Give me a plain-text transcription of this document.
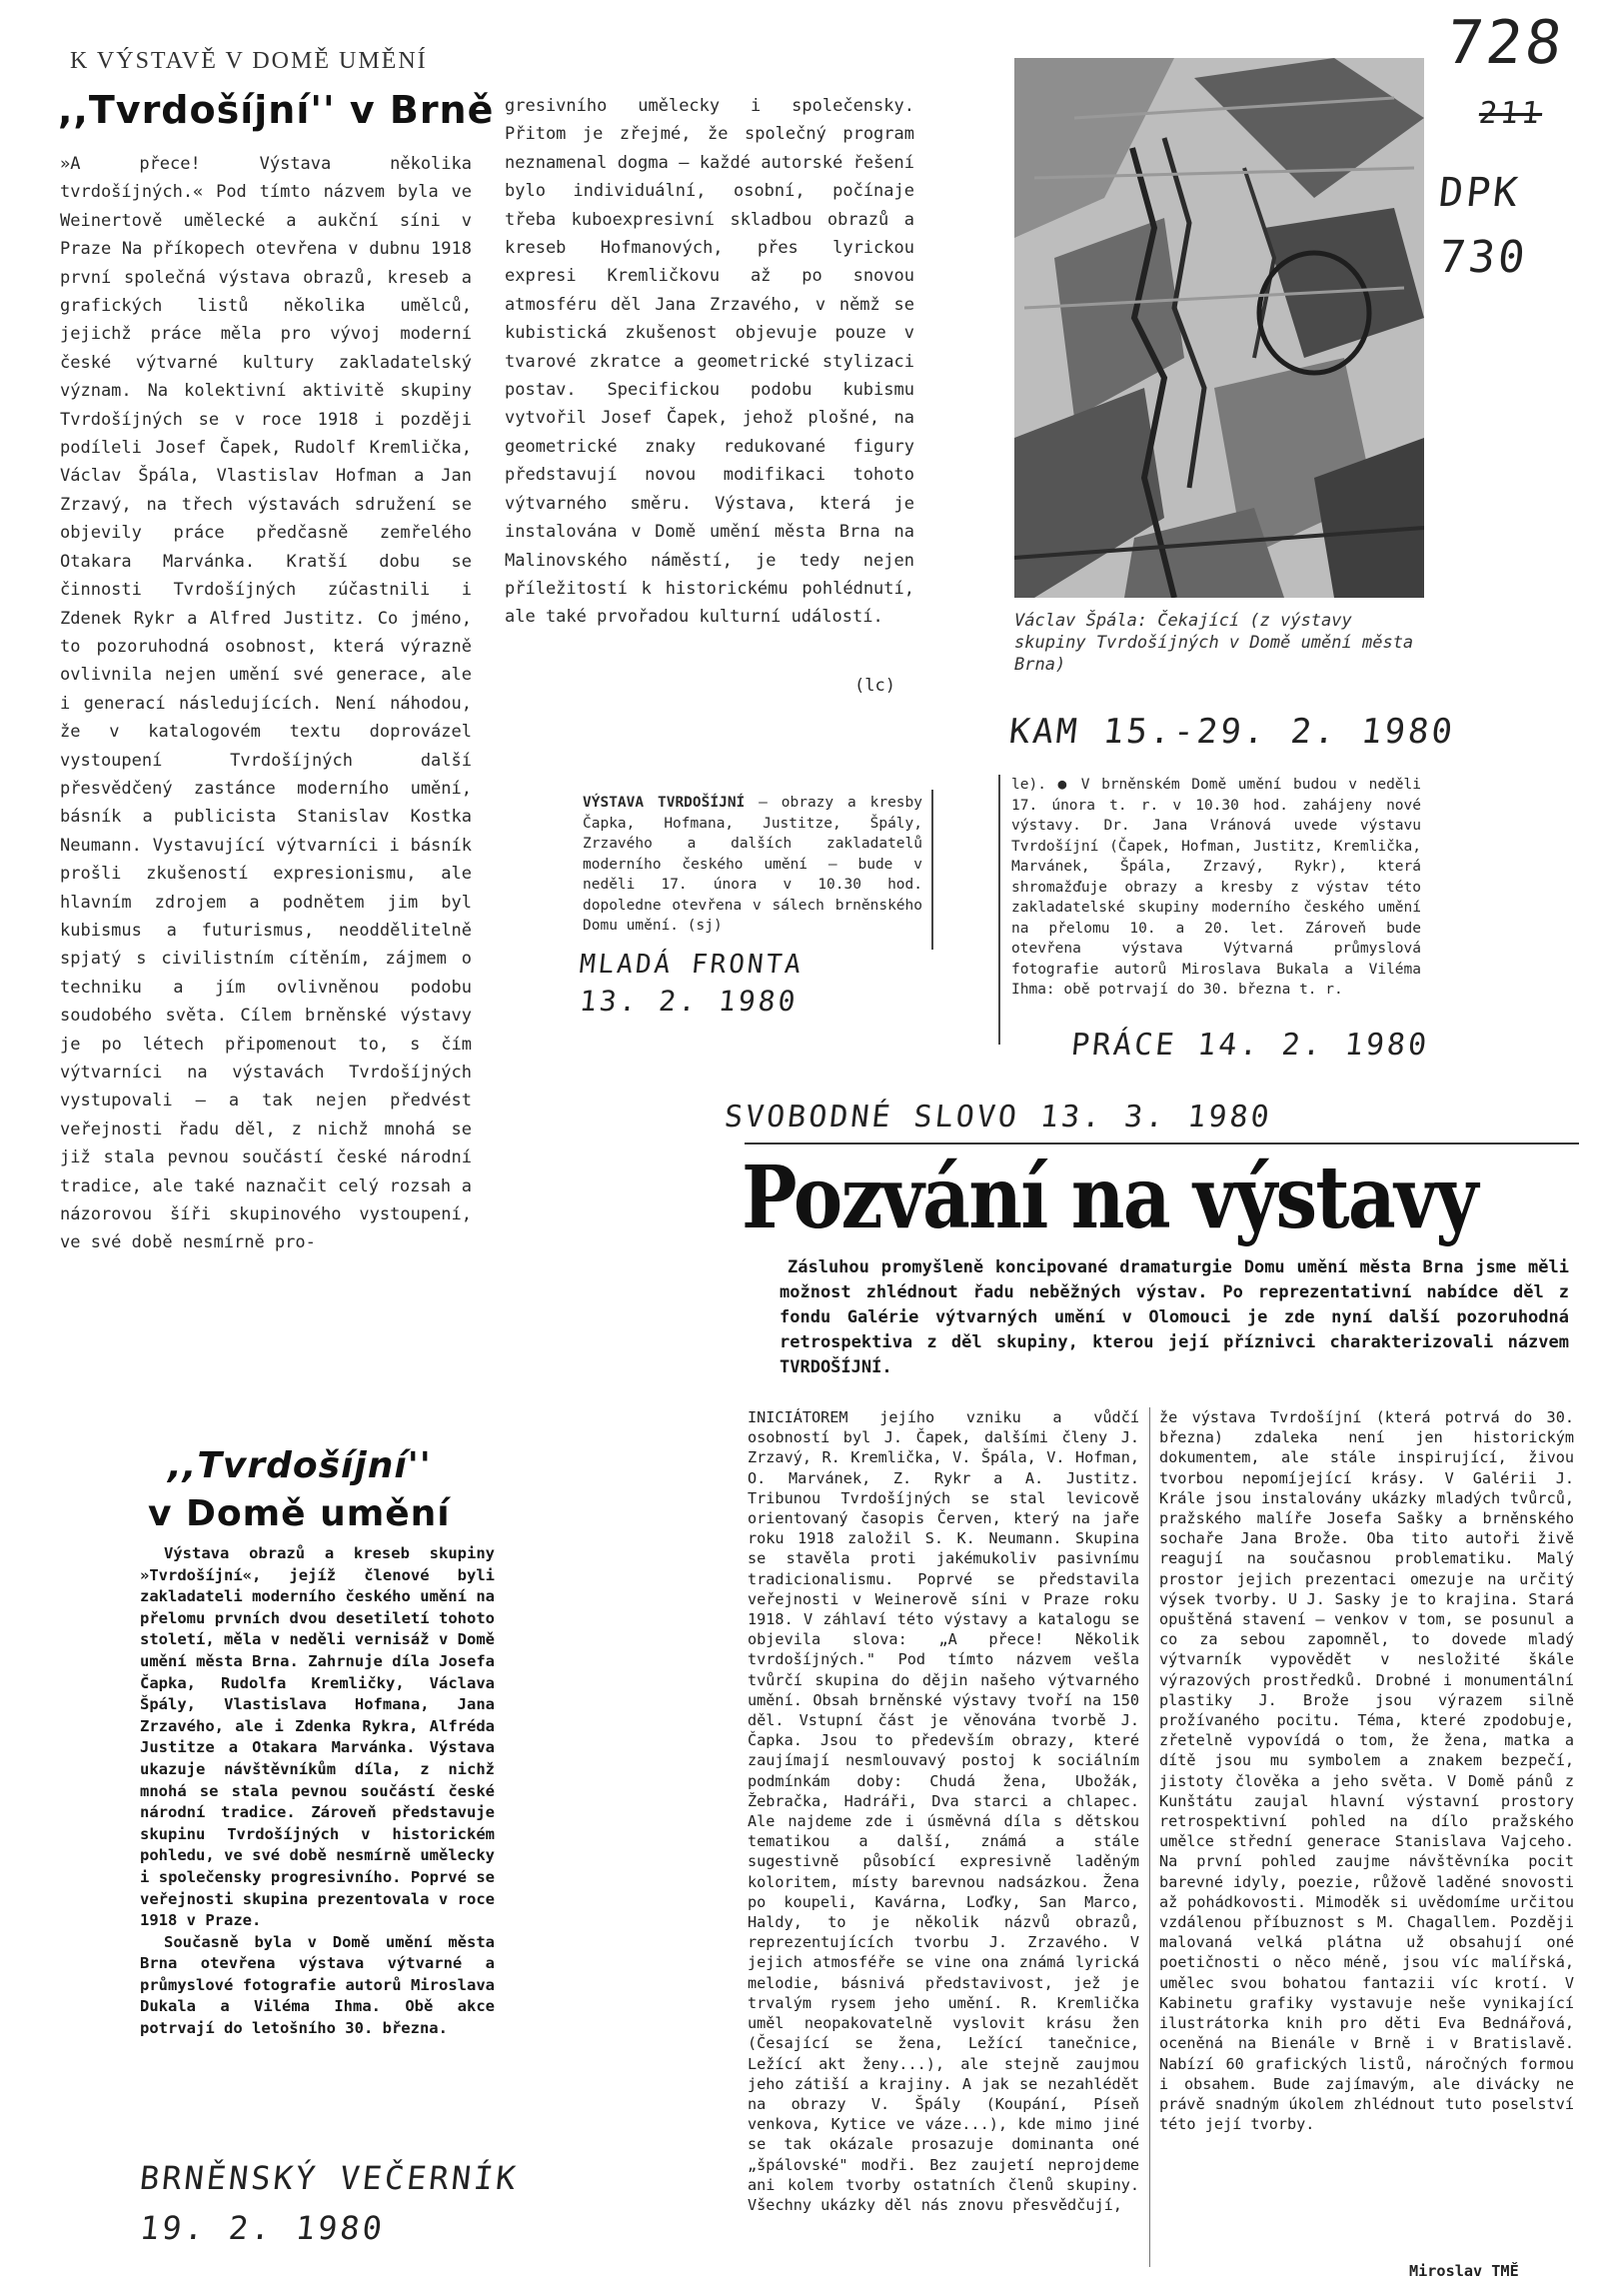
728
211
DPK
730
K VÝSTAVĚ V DOMĚ UMĚNÍ
,,Tvrdošíjní'' v Brně

»A přece! Výstava několika tvrdošíjných.« Pod tímto názvem byla ve Weinertově umělecké a aukční síni v Praze Na příkopech otevřena v dubnu 1918 první společná výstava obrazů, kreseb a grafických listů několika umělců, jejichž práce měla pro vývoj moderní české výtvarné kultury zakladatelský význam. Na kolektivní aktivitě skupiny Tvrdošíjných se v roce 1918 i později podíleli Josef Čapek, Rudolf Kremlička, Václav Špála, Vlastislav Hofman a Jan Zrzavý, na třech výstavách sdružení se objevily práce předčasně zemřelého Otakara Marvánka. Kratší dobu se činnosti Tvrdošíjných zúčastnili i Zdenek Rykr a Alfred Justitz. Co jméno, to pozoruhodná osobnost, která výrazně ovlivnila nejen umění své generace, ale i generací následujících. Není náhodou, že v katalogovém textu doprovázel vystoupení Tvrdošíjných další přesvědčený zastánce moderního umění, básník a publicista Stanislav Kostka Neumann. Vystavující výtvarníci i básník prošli zkušeností expresionismu, ale hlavním zdrojem a podnětem jim byl kubismus a futurismus, neoddělitelně spjatý s civilistním cítěním, zájmem o techniku a jím ovlivněnou podobu soudobého světa. Cílem brněnské výstavy je po létech připomenout to, s čím výtvarníci na výstavách Tvrdošíjných vystupovali — a tak nejen předvést veřejnosti řadu děl, z nichž mnohá se již stala pevnou součástí české národní tradice, ale také naznačit celý rozsah a názorovou šíři skupinového vystoupení, ve své době nesmírně pro-

gresivního umělecky i společensky. Přitom je zřejmé, že společný program neznamenal dogma — každé autorské řešení bylo individuální, osobní, počínaje třeba kuboexpresivní skladbou obrazů a kreseb Hofmanových, přes lyrickou expresi Kremličkovu až po snovou atmosféru děl Jana Zrzavého, v němž se kubistická zkušenost objevuje pouze v tvarové zkratce a geometrické stylizaci postav. Specifickou podobu kubismu vytvořil Josef Čapek, jehož plošné, na geometrické znaky redukované figury představují novou modifikaci tohoto výtvarného směru. Výstava, která je instalována v Domě umění města Brna na Malinovského náměstí, je tedy nejen příležitostí k historickému pohlédnutí, ale také prvořadou kulturní událostí.

(lc)
Václav Špála: Čekající (z výstavy skupiny Tvrdošíjných v Domě umění města Brna)
KAM 15.-29. 2. 1980

VÝSTAVA TVRDOŠÍJNÍ — obrazy a kresby Čapka, Hofmana, Justitze, Špály, Zrzavého a dalších zakladatelů moderního českého umění — bude v neděli 17. února v 10.30 hod. dopoledne otevřena v sálech brněnského Domu umění. (sj)

MLADÁ FRONTA
13. 2. 1980

le). ● V brněnském Domě umění budou v neděli 17. února t. r. v 10.30 hod. zahájeny nové výstavy. Dr. Jana Vránová uvede výstavu Tvrdošíjní (Čapek, Hofman, Justitz, Kremlička, Marvánek, Špála, Zrzavý, Rykr), která shromažďuje obrazy a kresby z výstav této zakladatelské skupiny moderního českého umění na přelomu 10. a 20. let. Zároveň bude otevřena výstava Výtvarná průmyslová fotografie autorů Miroslava Bukala a Viléma Ihma: obě potrvají do 30. března t. r.

PRÁCE 14. 2. 1980
,,Tvrdošíjní''
v Domě umění

Výstava obrazů a kreseb skupiny »Tvrdošíjní«, jejíž členové byli zakladateli moderního českého umění na přelomu prvních dvou desetiletí tohoto století, měla v neděli vernisáž v Domě umění města Brna. Zahrnuje díla Josefa Čapka, Rudolfa Kremličky, Václava Špály, Vlastislava Hofmana, Jana Zrzavého, ale i Zdenka Rykra, Alfréda Justitze a Otakara Marvánka. Výstava ukazuje návštěvníkům díla, z nichž mnohá se stala pevnou součástí české národní tradice. Zároveň představuje skupinu Tvrdošíjných v historickém pohledu, ve své době nesmírně umělecky i společensky progresivního. Poprvé se veřejnosti skupina prezentovala v roce 1918 v Praze.

Současně byla v Domě umění města Brna otevřena výstava výtvarné a průmyslové fotografie autorů Miroslava Dukala a Viléma Ihma. Obě akce potrvají do letošního 30. března.

BRNĚNSKÝ VEČERNÍK
19. 2. 1980
SVOBODNÉ SLOVO 13. 3. 1980
Pozvání na výstavy

Zásluhou promyšleně koncipované dramaturgie Domu umění města Brna jsme měli možnost zhlédnout řadu neběžných výstav. Po reprezentativní nabídce děl z fondu Galérie výtvarných umění v Olomouci je zde nyní další pozoruhodná retrospektiva z děl skupiny, kterou její příznivci charakterizovali názvem TVRDOŠÍJNÍ.

INICIÁTOREM jejího vzniku a vůdčí osobností byl J. Čapek, dalšími členy J. Zrzavý, R. Kremlička, V. Špála, V. Hofman, O. Marvánek, Z. Rykr a A. Justitz. Tribunou Tvrdošíjných se stal levicově orientovaný časopis Červen, který na jaře roku 1918 založil S. K. Neumann. Skupina se stavěla proti jakémukoliv pasivnímu tradicionalismu. Poprvé se představila veřejnosti v Weinerově síni v Praze roku 1918. V záhlaví této výstavy a katalogu se objevila slova: „A přece! Několik tvrdošíjných." Pod tímto názvem vešla tvůrčí skupina do dějin našeho výtvarného umění. Obsah brněnské výstavy tvoří na 150 děl. Vstupní část je věnována tvorbě J. Čapka. Jsou to především obrazy, které zaujímají nesmlouvavý postoj k sociálním podmínkám doby: Chudá žena, Ubožák, Žebračka, Hadráři, Dva starci a chlapec. Ale najdeme zde i úsměvná díla s dětskou tematikou a další, známá a stále sugestivně působící expresivně laděným koloritem, místy barevnou nadsázkou. Žena po koupeli, Kavárna, Loďky, San Marco, Haldy, to je několik názvů obrazů, reprezentujících tvorbu J. Zrzavého. V jejich atmosféře se vine ona známá lyrická melodie, básnivá představivost, jež je trvalým rysem jeho umění. R. Kremlička uměl neopakovatelně vyslovit krásu žen (Česající se žena, Ležící tanečnice, Ležící akt ženy...), ale stejně zaujmou jeho zátiší a krajiny. A jak se nezahlédět na obrazy V. Špály (Koupání, Píseň venkova, Kytice ve váze...), kde mimo jiné se tak okázale prosazuje dominanta oné „špálovské" modři. Bez zaujetí neprojdeme ani kolem tvorby ostatních členů skupiny. Všechny ukázky děl nás znovu přesvědčují,

že výstava Tvrdošíjní (která potrvá do 30. března) zdaleka není jen historickým dokumentem, ale stále inspirující, živou tvorbou nepomíjející krásy. V Galérii J. Krále jsou instalovány ukázky mladých tvůrců, pražského malíře Josefa Sašky a brněnského sochaře Jana Brože. Oba tito autoři živě reagují na současnou problematiku. Malý prostor jejich prezentaci omezuje na určitý výsek tvorby. U J. Sasky je to krajina. Stará opuštěná stavení — venkov v tom, se posunul a co za sebou zapomněl, to dovede mladý výtvarník vypovědět v nesložité škále výrazových prostředků. Drobné i monumentální plastiky J. Brože jsou výrazem silně prožívaného pocitu. Téma, které zpodobuje, zřetelně vypovídá o tom, že žena, matka a dítě jsou mu symbolem a znakem bezpečí, jistoty člověka a jeho světa. V Domě pánů z Kunštátu zaujal hlavní výstavní prostory retrospektivní pohled na dílo pražského umělce střední generace Stanislava Vajceho. Na první pohled zaujme návštěvníka pocit barevné idyly, poezie, růžově laděné snovosti až pohádkovosti. Mimoděk si uvědomíme určitou vzdálenou příbuznost s M. Chagallem. Později malovaná velká plátna už obsahují oné poetičnosti o něco méně, jsou víc malířská, umělec svou bohatou fantazii víc krotí. V Kabinetu grafiky vystavuje neše vynikající ilustrátorka knih pro děti Eva Bednářová, oceněná na Bienále v Brně i v Bratislavě. Nabízí 60 grafických listů, náročných formou i obsahem. Bude zajímavým, ale divácky ne právě snadným úkolem zhlédnout tuto poselství této její tvorby.

Miroslav TMĚ
